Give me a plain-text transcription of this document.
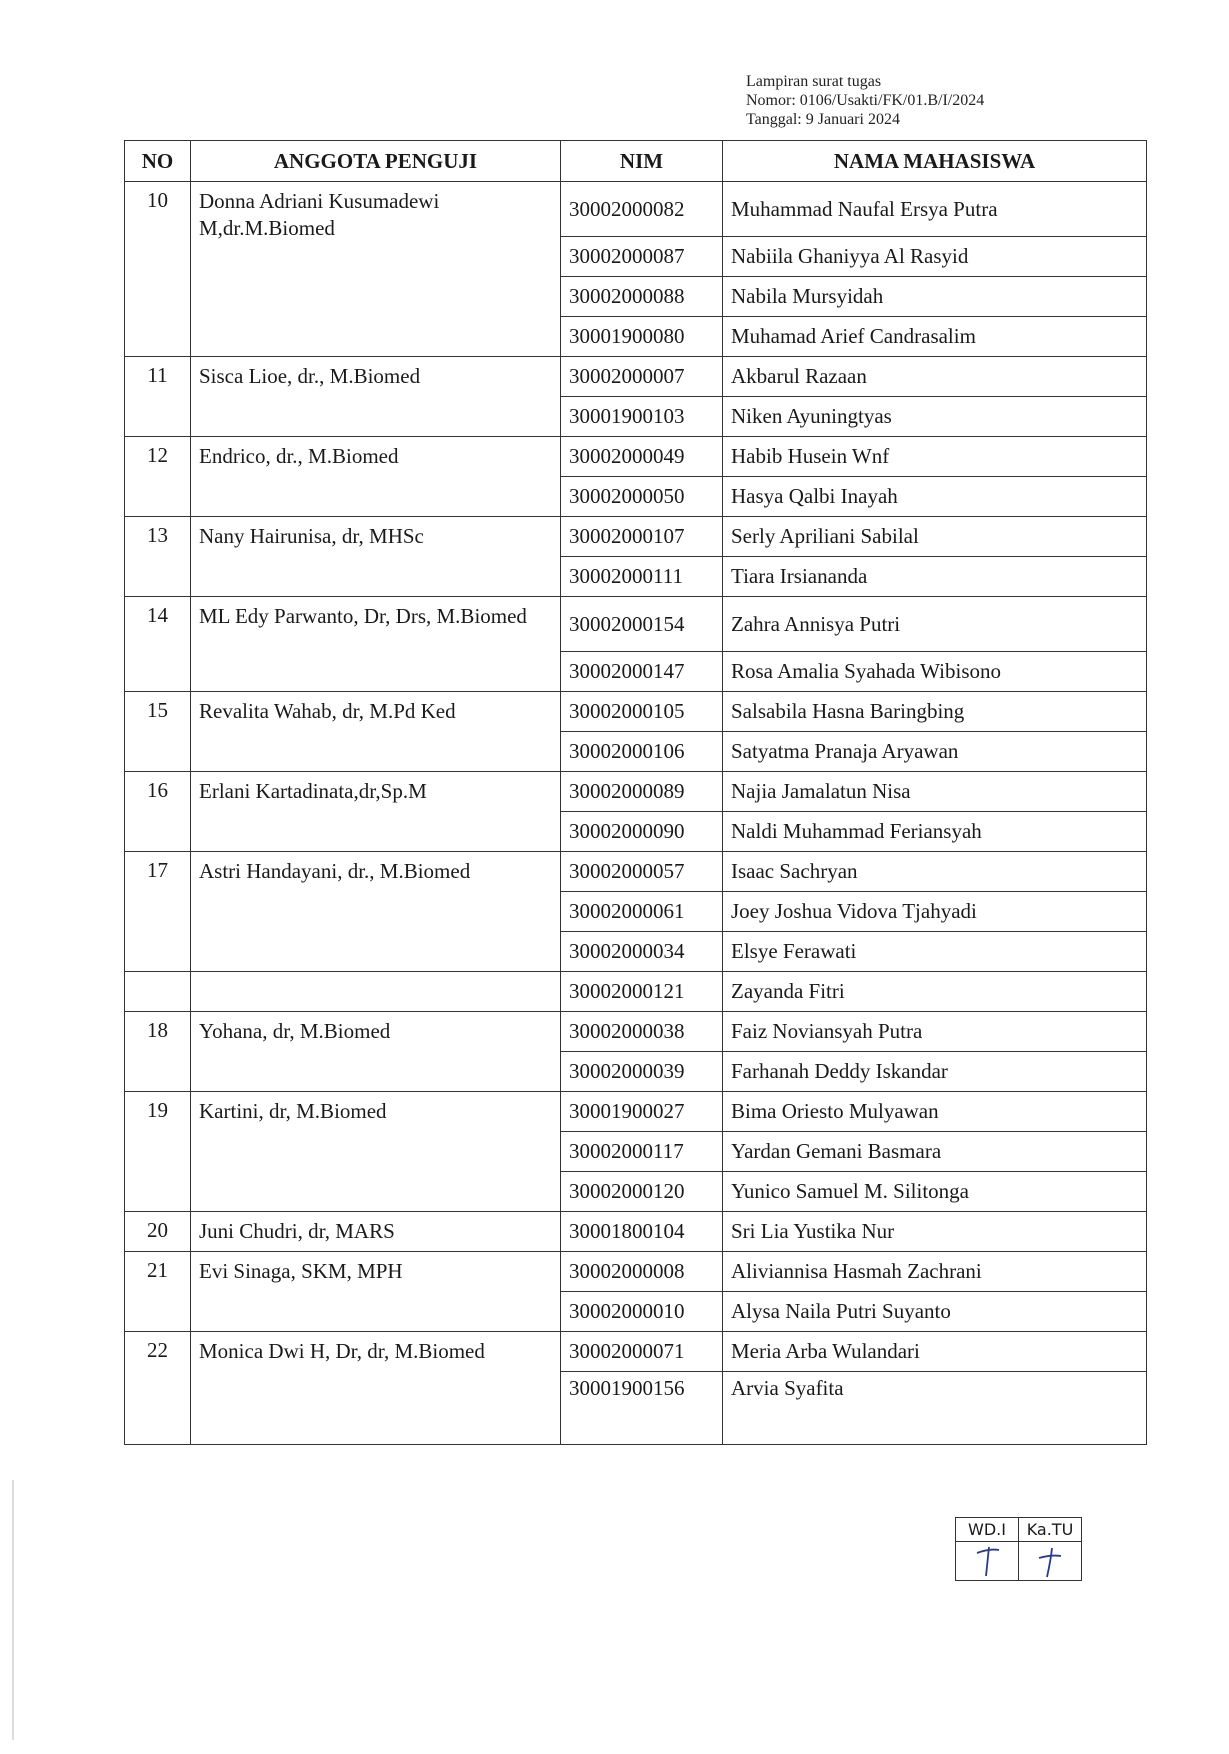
Lampiran surat tugas
Nomor: 0106/Usakti/FK/01.B/I/2024
Tanggal: 9 Januari 2024
NO	ANGGOTA PENGUJI	NIM	NAMA MAHASISWA
10	Donna Adriani Kusumadewi M,dr.M.Biomed	30002000082	Muhammad Naufal Ersya Putra
		30002000087	Nabiila Ghaniyya Al Rasyid
		30002000088	Nabila Mursyidah
		30001900080	Muhamad Arief Candrasalim
11	Sisca Lioe, dr., M.Biomed	30002000007	Akbarul Razaan
		30001900103	Niken Ayuningtyas
12	Endrico, dr., M.Biomed	30002000049	Habib Husein Wnf
		30002000050	Hasya Qalbi Inayah
13	Nany Hairunisa, dr, MHSc	30002000107	Serly Apriliani Sabilal
		30002000111	Tiara Irsiananda
14	ML Edy Parwanto, Dr, Drs, M.Biomed	30002000154	Zahra Annisya Putri
		30002000147	Rosa Amalia Syahada Wibisono
15	Revalita Wahab, dr, M.Pd Ked	30002000105	Salsabila Hasna Baringbing
		30002000106	Satyatma Pranaja Aryawan
16	Erlani Kartadinata,dr,Sp.M	30002000089	Najia Jamalatun Nisa
		30002000090	Naldi Muhammad Feriansyah
17	Astri Handayani, dr., M.Biomed	30002000057	Isaac Sachryan
		30002000061	Joey Joshua Vidova Tjahyadi
		30002000034	Elsye Ferawati
		30002000121	Zayanda Fitri
18	Yohana, dr, M.Biomed	30002000038	Faiz Noviansyah Putra
		30002000039	Farhanah Deddy Iskandar
19	Kartini, dr, M.Biomed	30001900027	Bima Oriesto Mulyawan
		30002000117	Yardan Gemani Basmara
		30002000120	Yunico Samuel M. Silitonga
20	Juni Chudri, dr, MARS	30001800104	Sri Lia Yustika Nur
21	Evi Sinaga, SKM, MPH	30002000008	Aliviannisa Hasmah Zachrani
		30002000010	Alysa Naila Putri Suyanto
22	Monica Dwi H, Dr, dr, M.Biomed	30002000071	Meria Arba Wulandari
		30001900156	Arvia Syafita
WD.I	Ka.TU
